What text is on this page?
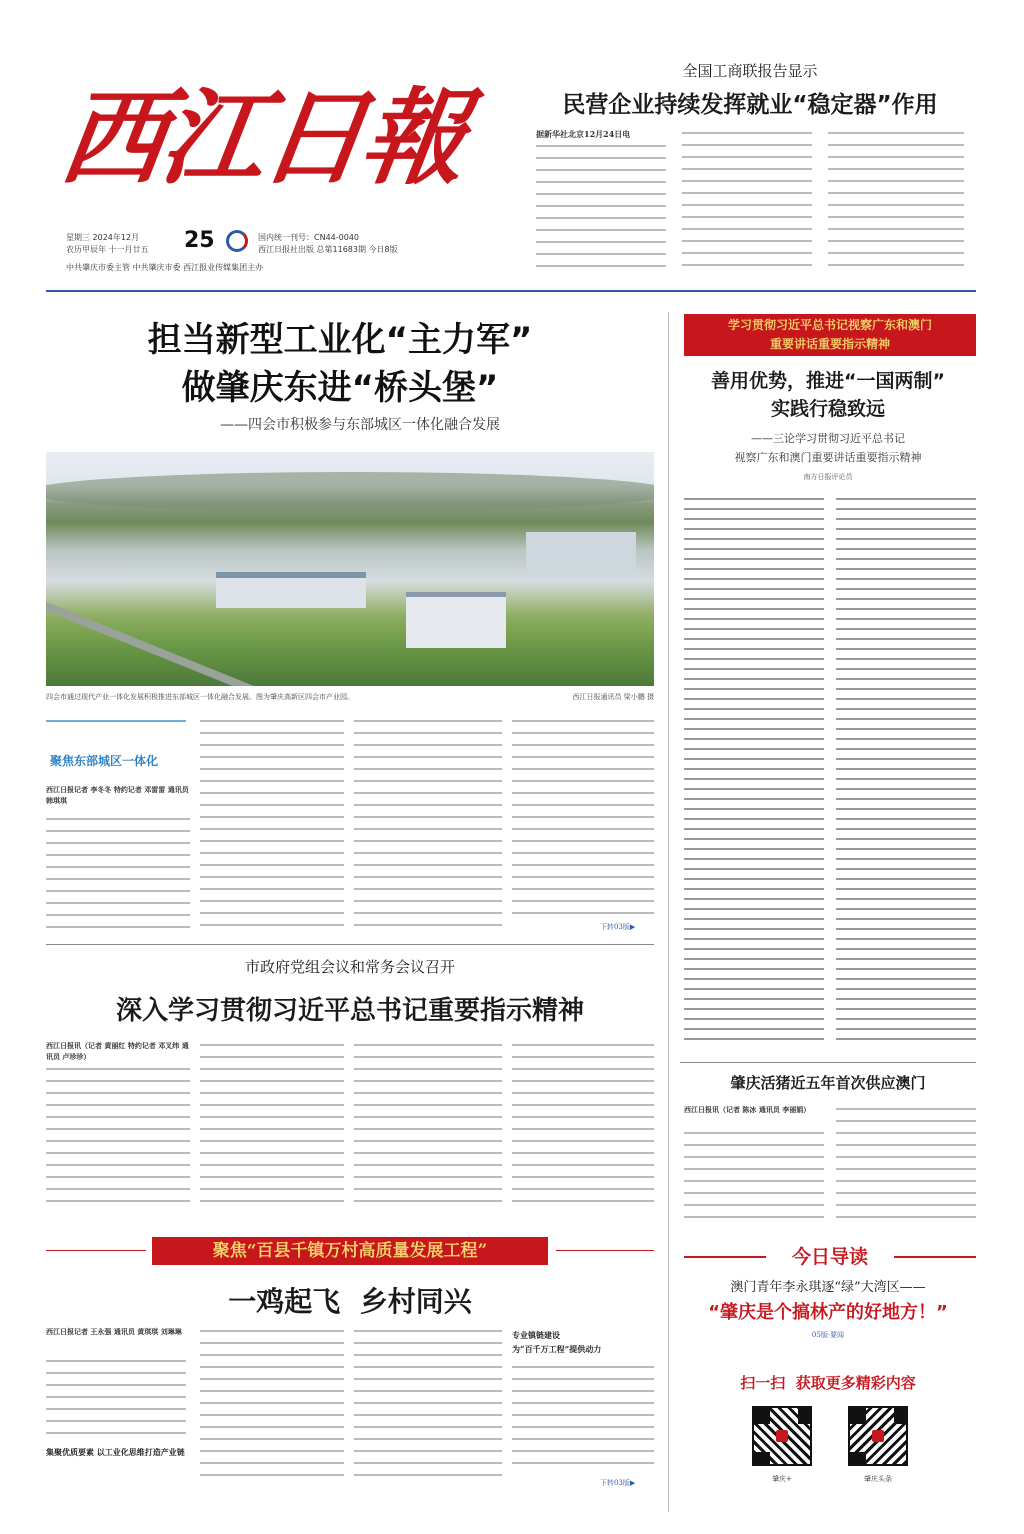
西江日報
星期三 2024年12月
农历甲辰年 十一月廿五 25	国内统一刊号：CN44-0040
西江日报社出版 总第11683期 今日8版
中共肇庆市委主管 中共肇庆市委 西江报业传媒集团主办
全国工商联报告显示
民营企业持续发挥就业“稳定器”作用
据新华社北京12月24日电
担当新型工业化“主力军”
做肇庆东进“桥头堡”
——四会市积极参与东部城区一体化融合发展
四会市通过现代产业一体化发展积极推进东部城区一体化融合发展。图为肇庆高新区四会市产业园。	西江日报通讯员 梁小鹏 摄
聚焦东部城区一体化
西江日报记者 李冬冬 特约记者 邓雷雷 通讯员 韩琪琪
下转03版▶
市政府党组会议和常务会议召开
深入学习贯彻习近平总书记重要指示精神
西江日报讯（记者 黄丽红 特约记者 邓叉纬 通讯员 卢珍珍）
聚焦“百县千镇万村高质量发展工程”
一鸡起飞  乡村同兴
西江日报记者 王永强 通讯员 黄琪琪 刘琳琳
集聚优质要素 以工业化思维打造产业链
专业镇链建设
为“百千万工程”提供动力
下转03版▶
学习贯彻习近平总书记视察广东和澳门
重要讲话重要指示精神
善用优势，推进“一国两制”
实践行稳致远
——三论学习贯彻习近平总书记
视察广东和澳门重要讲话重要指示精神
南方日报评论员
肇庆活猪近五年首次供应澳门
西江日报讯（记者 陈冰 通讯员 李丽娟）
今日导读
澳门青年李永琪逐“绿”大湾区——
“肇庆是个搞林产的好地方！”
05版·要闻
扫一扫  获取更多精彩内容
肇庆+	肇庆头条
